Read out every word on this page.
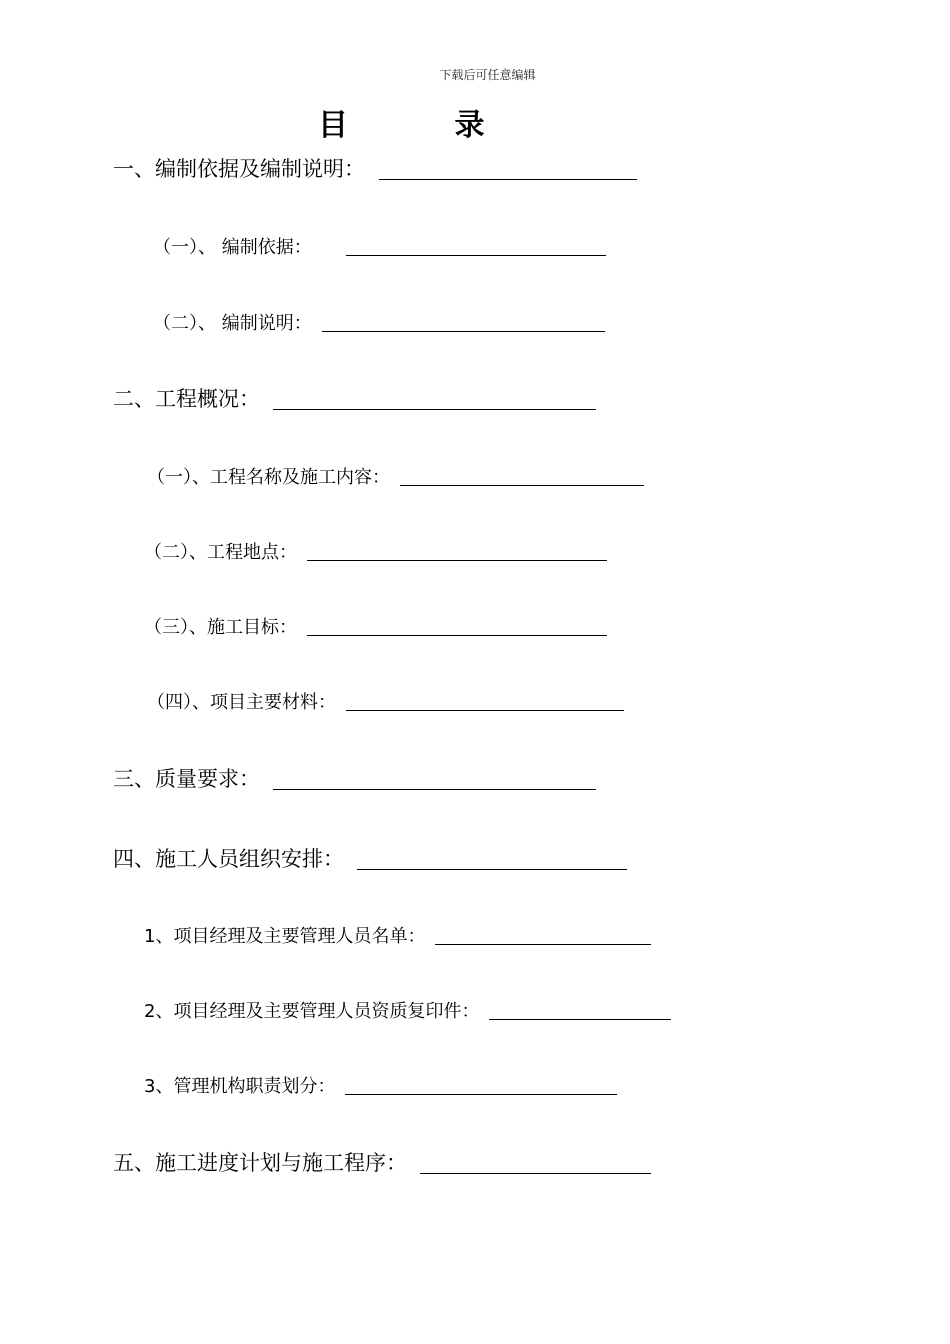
下载后可任意编辑
目 录
一、编制依据及编制说明：
（一）、 编制依据：
（二）、 编制说明：
二、工程概况：
（一）、工程名称及施工内容：
（二）、工程地点：
（三）、施工目标：
（四）、项目主要材料：
三、质量要求：
四、施工人员组织安排：
1、项目经理及主要管理人员名单：
2、项目经理及主要管理人员资质复印件：
3、管理机构职责划分：
五、施工进度计划与施工程序：
